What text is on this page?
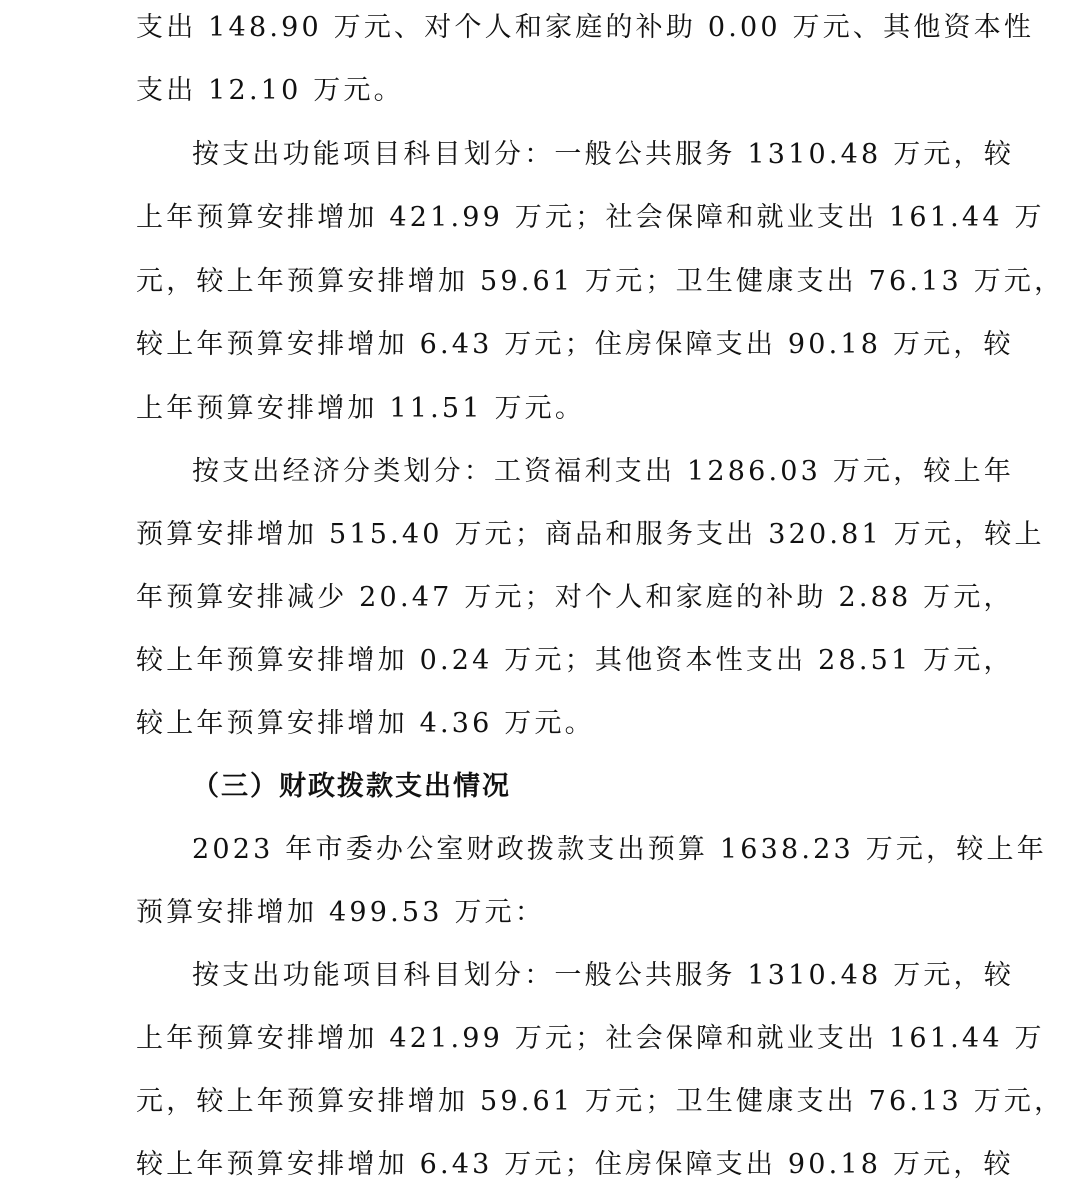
支出 148.90 万元、对个人和家庭的补助 0.00 万元、其他资本性
支出 12.10 万元。
按支出功能项目科目划分：一般公共服务 1310.48 万元，较
上年预算安排增加 421.99 万元；社会保障和就业支出 161.44 万
元，较上年预算安排增加 59.61 万元；卫生健康支出 76.13 万元，
较上年预算安排增加 6.43 万元；住房保障支出 90.18 万元，较
上年预算安排增加 11.51 万元。
按支出经济分类划分：工资福利支出 1286.03 万元，较上年
预算安排增加 515.40 万元；商品和服务支出 320.81 万元，较上
年预算安排减少 20.47 万元；对个人和家庭的补助 2.88 万元，
较上年预算安排增加 0.24 万元；其他资本性支出 28.51 万元，
较上年预算安排增加 4.36 万元。
（三）财政拨款支出情况
2023 年市委办公室财政拨款支出预算 1638.23 万元，较上年
预算安排增加 499.53 万元：
按支出功能项目科目划分：一般公共服务 1310.48 万元，较
上年预算安排增加 421.99 万元；社会保障和就业支出 161.44 万
元，较上年预算安排增加 59.61 万元；卫生健康支出 76.13 万元，
较上年预算安排增加 6.43 万元；住房保障支出 90.18 万元，较
